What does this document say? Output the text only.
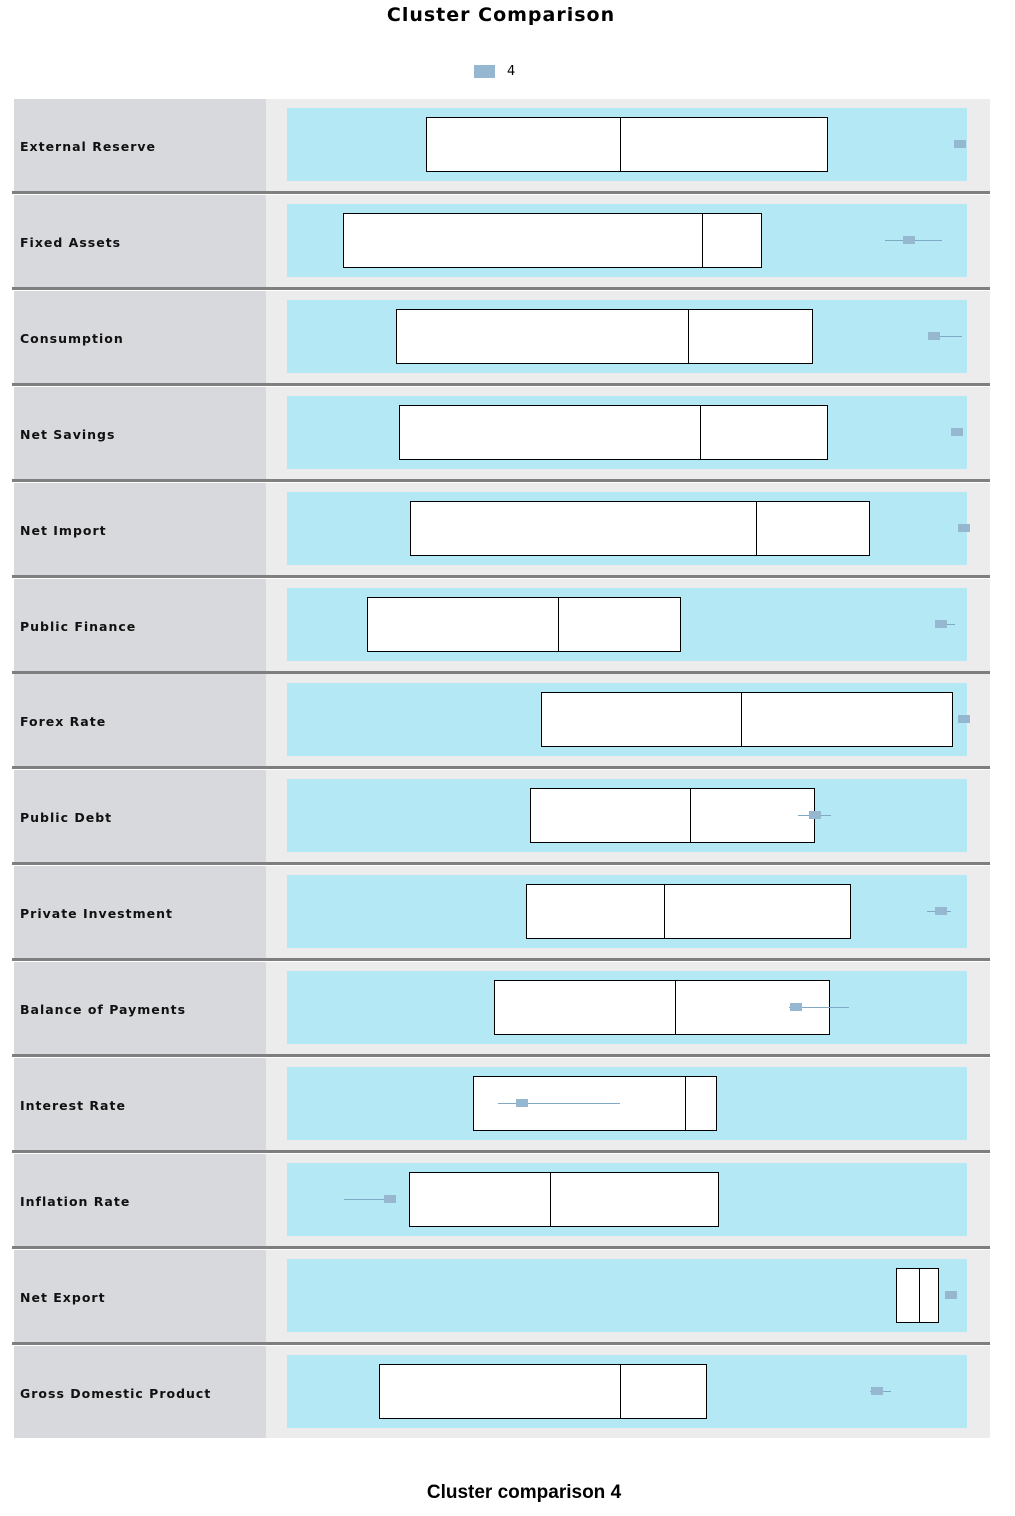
Cluster Comparison
4
External Reserve
Fixed Assets
Consumption
Net Savings
Net Import
Public Finance
Forex Rate
Public Debt
Private Investment
Balance of Payments
Interest Rate
Inflation Rate
Net Export
Gross Domestic Product
Cluster comparison 4
